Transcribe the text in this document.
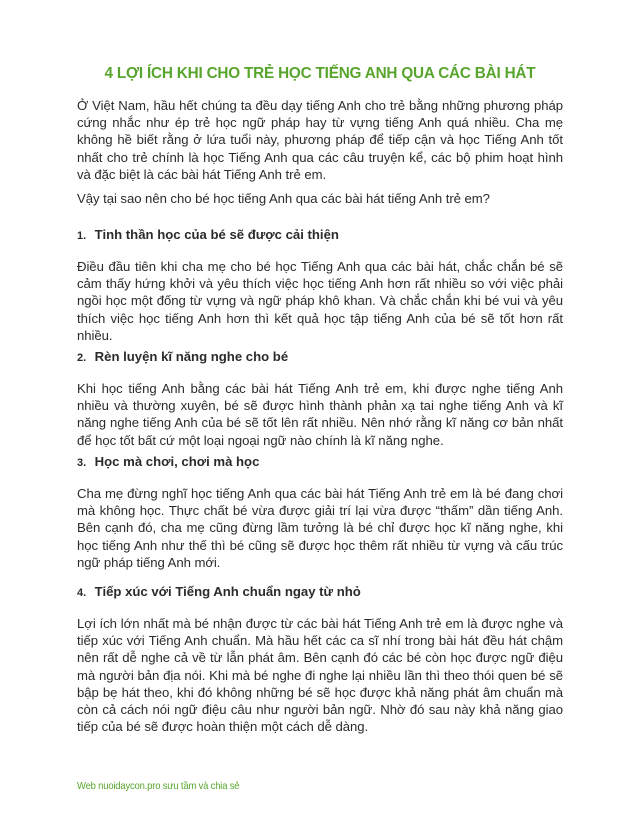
4 LỢI ÍCH KHI CHO TRẺ HỌC TIẾNG ANH QUA CÁC BÀI HÁT

Ở Việt Nam, hầu hết chúng ta đều dạy tiếng Anh cho trẻ bằng những phương pháp cứng nhắc như ép trẻ học ngữ pháp hay từ vựng tiếng Anh quá nhiều. Cha mẹ không hề biết rằng ở lứa tuổi này, phương pháp để tiếp cận và học Tiếng Anh tốt nhất cho trẻ chính là học Tiếng Anh qua các câu truyện kể, các bộ phim hoạt hình và đặc biệt là các bài hát Tiếng Anh trẻ em.

Vậy tại sao nên cho bé học tiếng Anh qua các bài hát tiếng Anh trẻ em?

1. Tinh thần học của bé sẽ được cải thiện

Điều đầu tiên khi cha mẹ cho bé học Tiếng Anh qua các bài hát, chắc chắn bé sẽ cảm thấy hứng khởi và yêu thích việc học tiếng Anh hơn rất nhiều so với việc phải ngồi học một đống từ vựng và ngữ pháp khô khan. Và chắc chắn khi bé vui và yêu thích việc học tiếng Anh hơn thì kết quả học tập tiếng Anh của bé sẽ tốt hơn rất nhiều.

2. Rèn luyện kĩ năng nghe cho bé

Khi học tiếng Anh bằng các bài hát Tiếng Anh trẻ em, khi được nghe tiếng Anh nhiều và thường xuyên, bé sẽ được hình thành phản xạ tai nghe tiếng Anh và kĩ năng nghe tiếng Anh của bé sẽ tốt lên rất nhiều. Nên nhớ rằng kĩ năng cơ bản nhất để học tốt bất cứ một loại ngoại ngữ nào chính là kĩ năng nghe.

3. Học mà chơi, chơi mà học

Cha mẹ đừng nghĩ học tiếng Anh qua các bài hát Tiếng Anh trẻ em là bé đang chơi mà không học. Thực chất bé vừa được giải trí lại vừa được “thấm” dần tiếng Anh. Bên cạnh đó, cha mẹ cũng đừng lầm tưởng là bé chỉ được học kĩ năng nghe, khi học tiếng Anh như thế thì bé cũng sẽ được học thêm rất nhiều từ vựng và cấu trúc ngữ pháp tiếng Anh mới.

4. Tiếp xúc với Tiếng Anh chuẩn ngay từ nhỏ

Lợi ích lớn nhất mà bé nhận được từ các bài hát Tiếng Anh trẻ em là được nghe và tiếp xúc với Tiếng Anh chuẩn. Mà hầu hết các ca sĩ nhí trong bài hát đều hát chậm nên rất dễ nghe cả về từ lẫn phát âm. Bên cạnh đó các bé còn học được ngữ điệu mà người bản địa nói. Khi mà bé nghe đi nghe lại nhiều lần thì theo thói quen bé sẽ bập bẹ hát theo, khi đó không những bé sẽ học được khả năng phát âm chuẩn mà còn cả cách nói ngữ điệu câu như người bản ngữ. Nhờ đó sau này khả năng giao tiếp của bé sẽ được hoàn thiện một cách dễ dàng.

Web nuoidaycon.pro sưu tầm và chia sẻ
